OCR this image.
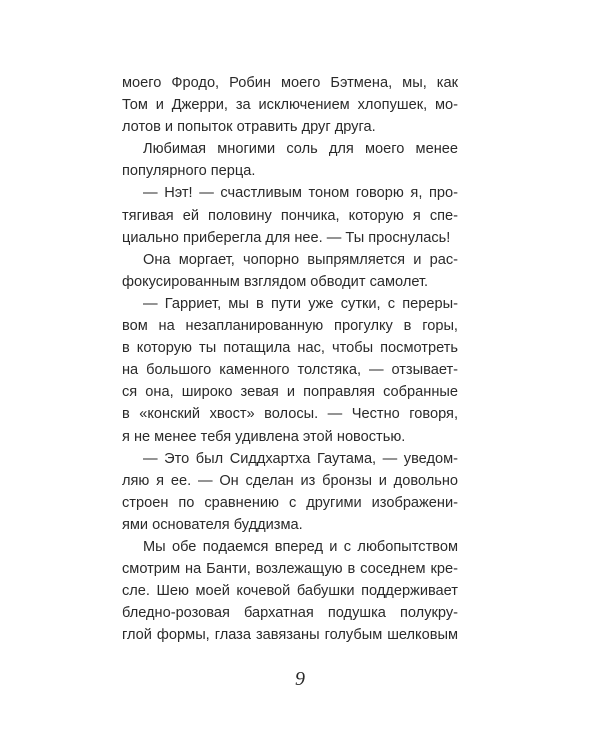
моего Фродо, Робин моего Бэтмена, мы, как
Том и Джерри, за исключением хлопушек, мо-
лотов и попыток отравить друг друга.
Любимая многими соль для моего менее
популярного перца.
— Нэт! — счастливым тоном говорю я, про-
тягивая ей половину пончика, которую я спе-
циально приберегла для нее. — Ты проснулась!
Она моргает, чопорно выпрямляется и рас-
фокусированным взглядом обводит самолет.
— Гарриет, мы в пути уже сутки, с переры-
вом на незапланированную прогулку в горы,
в которую ты потащила нас, чтобы посмотреть
на большого каменного толстяка, — отзывает-
ся она, широко зевая и поправляя собранные
в «конский хвост» волосы. — Честно говоря,
я не менее тебя удивлена этой новостью.
— Это был Сиддхартха Гаутама, — уведом-
ляю я ее. — Он сделан из бронзы и довольно
строен по сравнению с другими изображени-
ями основателя буддизма.
Мы обе подаемся вперед и с любопытством
смотрим на Банти, возлежащую в соседнем кре-
сле. Шею моей кочевой бабушки поддерживает
бледно-розовая бархатная подушка полукру-
глой формы, глаза завязаны голубым шелковым
9
